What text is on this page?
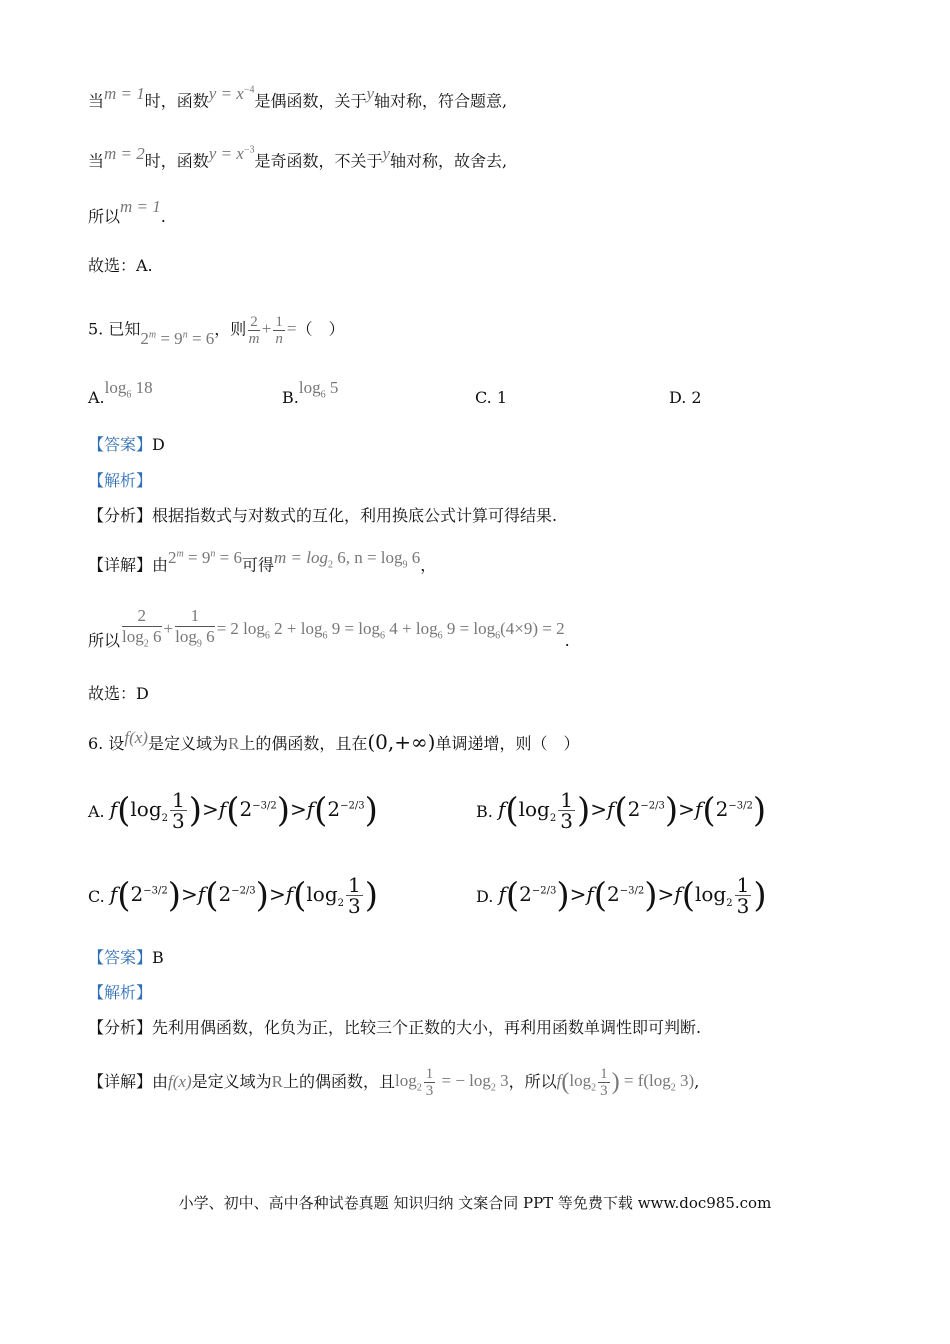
当m = 1时，函数$y = x^{-4}$是偶函数，关于y轴对称，符合题意,
当m = 2时，函数$y = x^{-3}$是奇函数，不关于y轴对称，故舍去,
所以m = 1.
故选：A.
5. 已知$2^m = 9^n = 6$，则 $\frac{2}{m} + \frac{1}{n}$ =（　）
$A.\log_6$ 18
$B.\log_6$ 5
C. 1	D. 2
【答案】D
【解析】
【分析】根据指数式与对数式的互化，利用换底公式计算可得结果.
【详解】由$2^m = 9^n = 6$可得$m = \log_2 6$, $n = \log_9 6$，
所以 $\frac{2}{\log_2 6} + \frac{1}{\log_9 6} = 2$ $\log_6 2 + \log_6 9 = \log_6 4 + \log_6 9 = \log_6(4\times 9) = 2$.
故选：D
6. 设f(x)是定义域为R上的偶函数，且在(0,+∞)单调递增，则（　）
A. $f(\log_2 \frac{1}{3} )>f(2^{-3/2})>f(2^{-2/3})$	B. $f(\log_2 \frac{1}{3} )>f(2^{-2/3})>f(2^{-3/2})$
C. $f(2^{-3/2})>f(2^{-2/3})>f(\log_2 \frac{1}{3}$ )	D. $f(2^{-2/3})>f(2^{-3/2})>f(\log_2 \frac{1}{3}$ )
【答案】B
【解析】
【分析】先利用偶函数，化负为正，比较三个正数的大小，再利用函数单调性即可判断.
【详解】由f(x)是定义域为R上的偶函数，且$\log_2 \frac{1}{3}$ = − $\log_2 3$，所以$f(\log_2 \frac{1}{3}$ ) = $f(\log_2$ 3),
小学、初中、高中各种试卷真题 知识归纳 文案合同 PPT 等免费下载 www.doc985.com
